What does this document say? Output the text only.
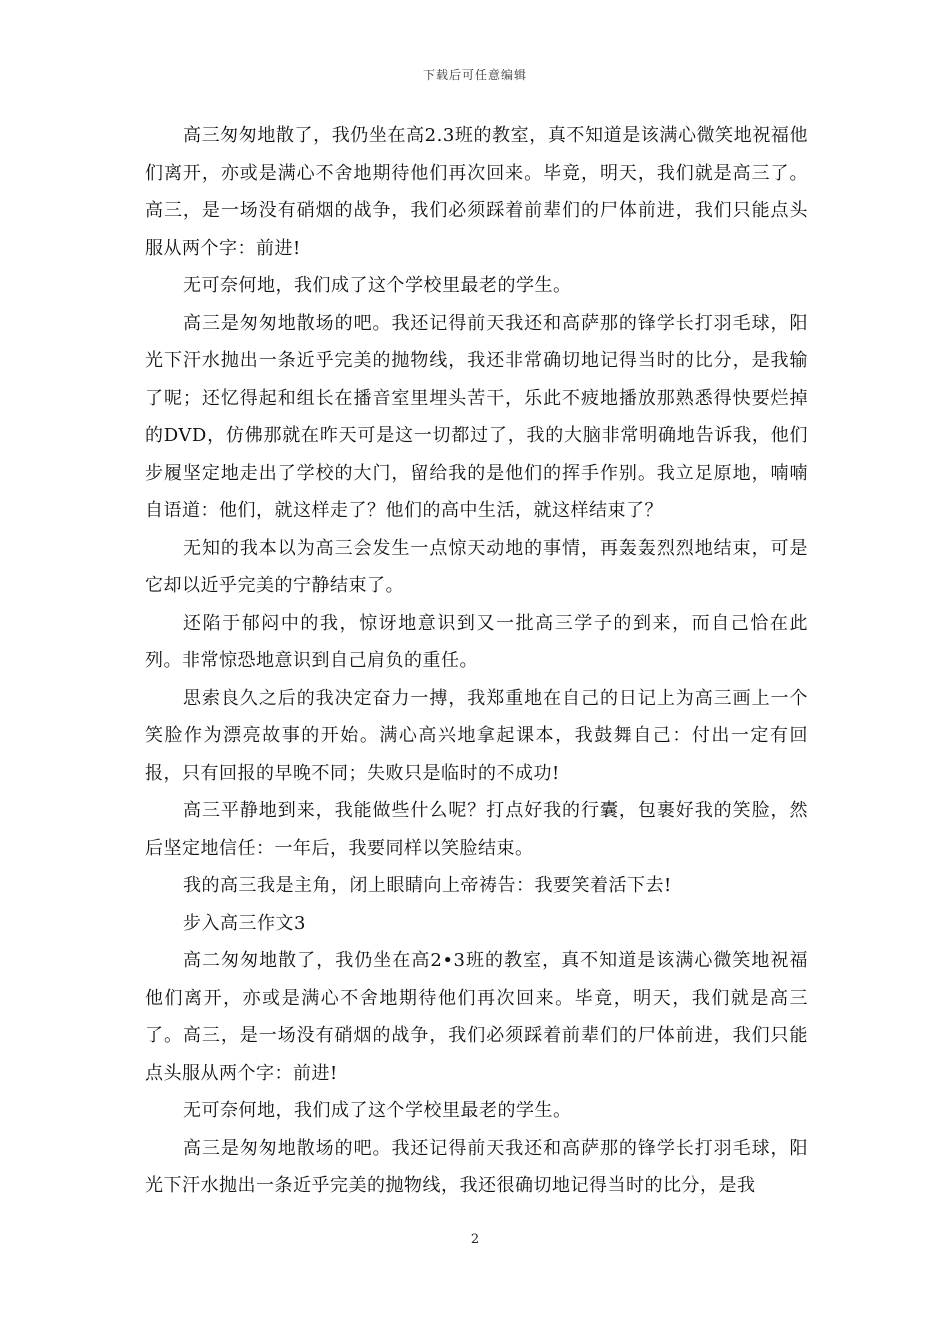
下载后可任意编辑

高三匆匆地散了，我仍坐在高2.3班的教室，真不知道是该满心微笑地祝福他们离开，亦或是满心不舍地期待他们再次回来。毕竟，明天，我们就是高三了。高三，是一场没有硝烟的战争，我们必须踩着前辈们的尸体前进，我们只能点头服从两个字：前进!

无可奈何地，我们成了这个学校里最老的学生。

高三是匆匆地散场的吧。我还记得前天我还和高萨那的锋学长打羽毛球，阳光下汗水抛出一条近乎完美的抛物线，我还非常确切地记得当时的比分，是我输了呢；还忆得起和组长在播音室里埋头苦干，乐此不疲地播放那熟悉得快要烂掉的DVD，仿佛那就在昨天可是这一切都过了，我的大脑非常明确地告诉我，他们步履坚定地走出了学校的大门，留给我的是他们的挥手作别。我立足原地，喃喃自语道：他们，就这样走了？他们的高中生活，就这样结束了？

无知的我本以为高三会发生一点惊天动地的事情，再轰轰烈烈地结束，可是它却以近乎完美的宁静结束了。

还陷于郁闷中的我，惊讶地意识到又一批高三学子的到来，而自己恰在此列。非常惊恐地意识到自己肩负的重任。

思索良久之后的我决定奋力一搏，我郑重地在自己的日记上为高三画上一个笑脸作为漂亮故事的开始。满心高兴地拿起课本，我鼓舞自己：付出一定有回报，只有回报的早晚不同；失败只是临时的不成功!

高三平静地到来，我能做些什么呢？打点好我的行囊，包裹好我的笑脸，然后坚定地信任：一年后，我要同样以笑脸结束。

我的高三我是主角，闭上眼睛向上帝祷告：我要笑着活下去!

步入高三作文3

高二匆匆地散了，我仍坐在高2•3班的教室，真不知道是该满心微笑地祝福他们离开，亦或是满心不舍地期待他们再次回来。毕竟，明天，我们就是高三了。高三，是一场没有硝烟的战争，我们必须踩着前辈们的尸体前进，我们只能点头服从两个字：前进!

无可奈何地，我们成了这个学校里最老的学生。

高三是匆匆地散场的吧。我还记得前天我还和高萨那的锋学长打羽毛球，阳光下汗水抛出一条近乎完美的抛物线，我还很确切地记得当时的比分，是我

2
